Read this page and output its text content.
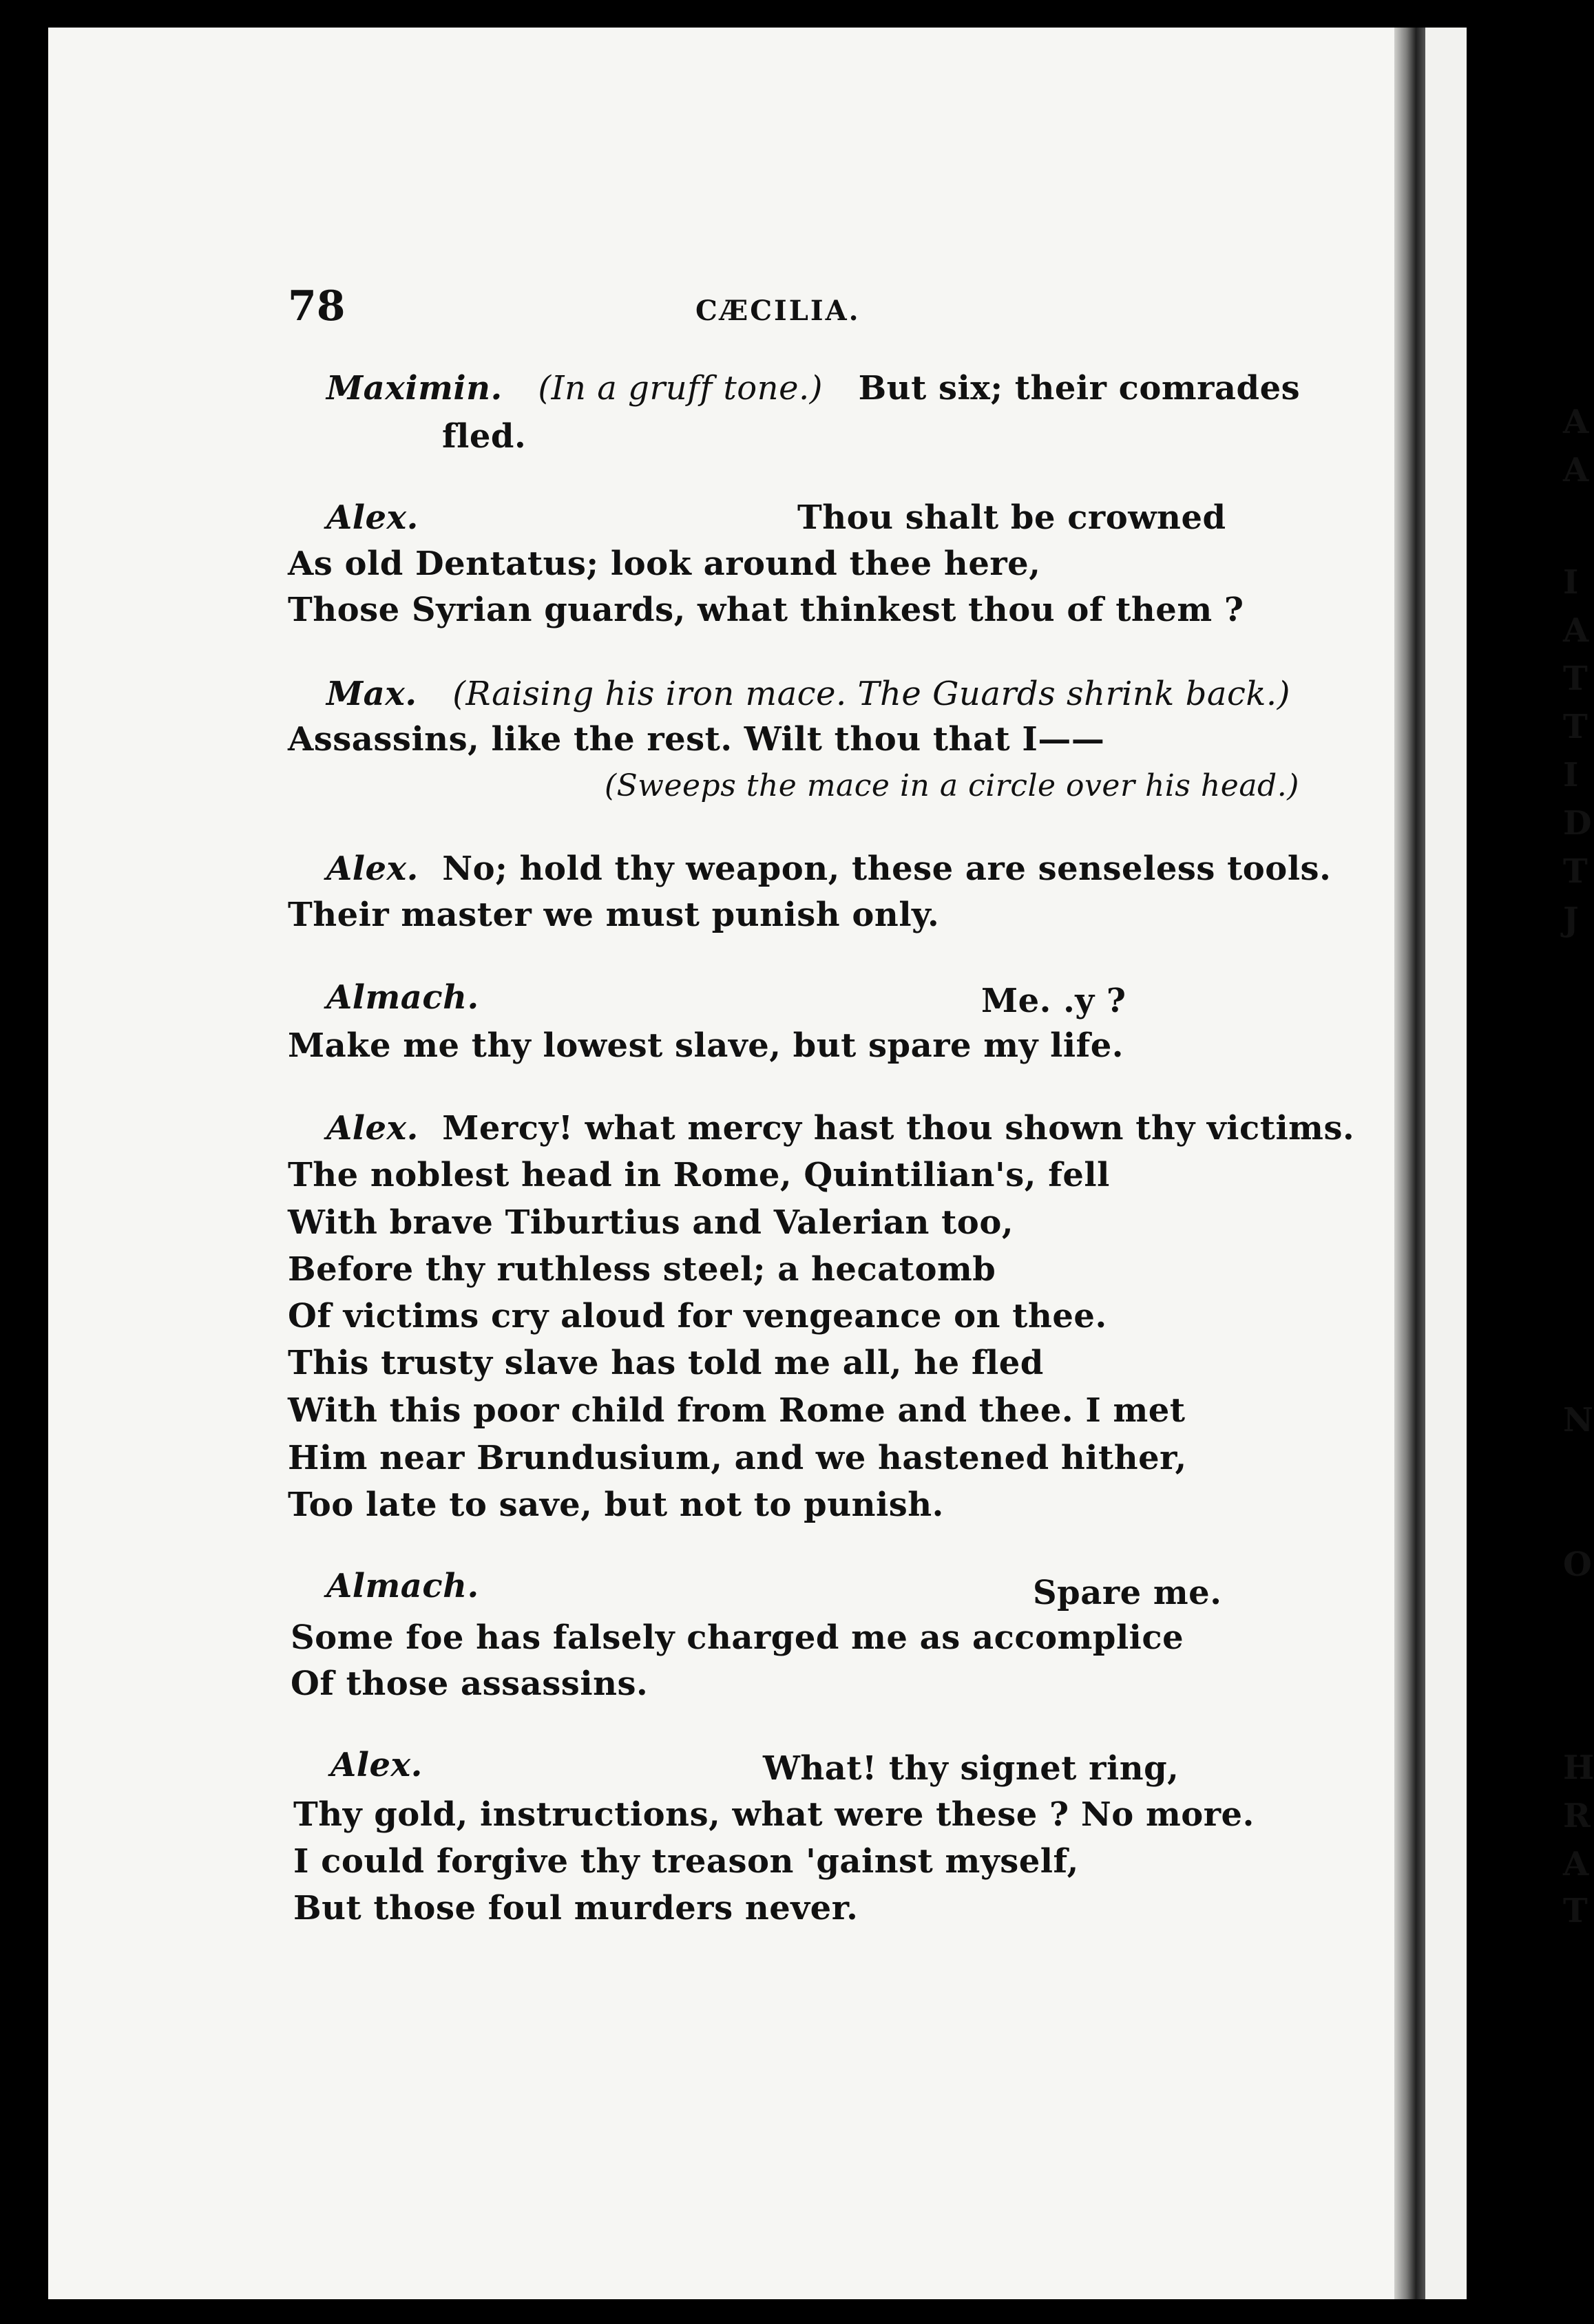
78	CÆCILIA.
Maximin. (In a gruff tone.) But six; their comrades
fled.
Alex.	Thou shalt be crowned
As old Dentatus; look around thee here,
Those Syrian guards, what thinkest thou of them ?
Max. (Raising his iron mace. The Guards shrink back.)
Assassins, like the rest. Wilt thou that I——
(Sweeps the mace in a circle over his head.)
Alex. No; hold thy weapon, these are senseless tools.
Their master we must punish only.
Almach.	Me. .y ?
Make me thy lowest slave, but spare my life.
Alex. Mercy! what mercy hast thou shown thy victims.
The noblest head in Rome, Quintilian's, fell
With brave Tiburtius and Valerian too,
Before thy ruthless steel; a hecatomb
Of victims cry aloud for vengeance on thee.
This trusty slave has told me all, he fled
With this poor child from Rome and thee. I met
Him near Brundusium, and we hastened hither,
Too late to save, but not to punish.
Almach.	Spare me.
Some foe has falsely charged me as accomplice
Of those assassins.
Alex.	What! thy signet ring,
Thy gold, instructions, what were these ? No more.
I could forgive thy treason 'gainst myself,
But those foul murders never.
A
A
I
A
T
T
I
D
T
J
N
O
H
R
A
T
